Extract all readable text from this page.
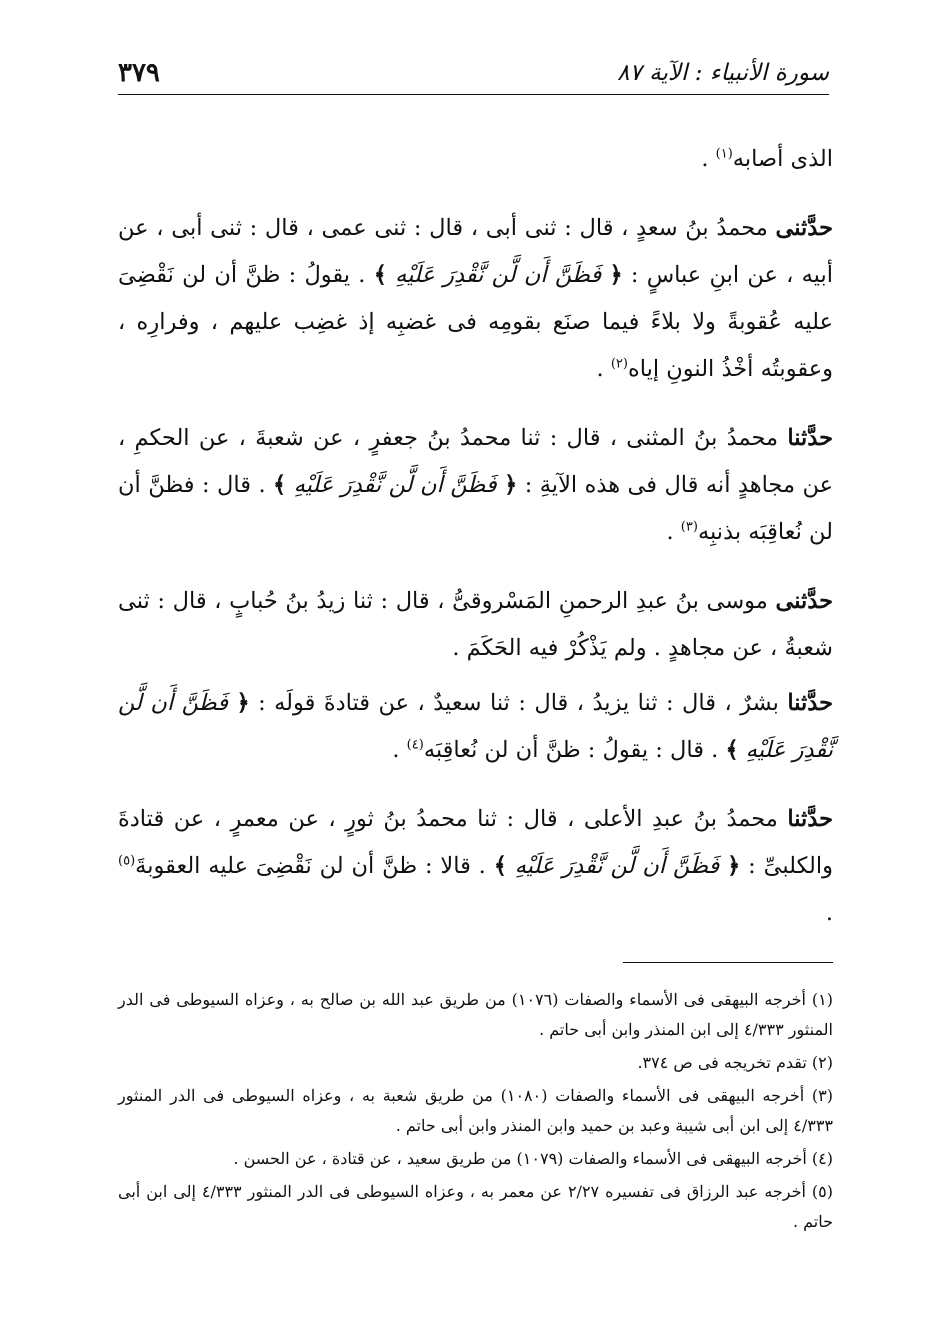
سورة الأنبياء : الآية ٨٧
٣٧٩

الذى أصابه$^{(١)}$ .

حدَّثنى محمدُ بنُ سعدٍ ، قال : ثنى أبى ، قال : ثنى عمى ، قال : ثنى أبى ، عن أبيه ، عن ابنِ عباسٍ : ﴿ فَظَنَّ أَن لَّن نَّقْدِرَ عَلَيْهِ ﴾ . يقولُ : ظنَّ أن لن نَقْضِىَ عليه عُقوبةً ولا بلاءً فيما صنَع بقومِه فى غضبِه إذ غضِب عليهم ، وفرارِه ، وعقوبتُه أخْذُ النونِ إياه$^{(٢)}$ .

حدَّثنا محمدُ بنُ المثنى ، قال : ثنا محمدُ بنُ جعفرٍ ، عن شعبةَ ، عن الحكمِ ، عن مجاهدٍ أنه قال فى هذه الآيةِ : ﴿ فَظَنَّ أَن لَّن نَّقْدِرَ عَلَيْهِ ﴾ . قال : فظنَّ أن لن نُعاقِبَه بذنبِه$^{(٣)}$ .

حدَّثنى موسى بنُ عبدِ الرحمنِ المَسْروقىُّ ، قال : ثنا زيدُ بنُ حُبابٍ ، قال : ثنى شعبةُ ، عن مجاهدٍ . ولم يَذْكُرْ فيه الحَكَمَ .

حدَّثنا بشرٌ ، قال : ثنا يزيدُ ، قال : ثنا سعيدٌ ، عن قتادةَ قولَه : ﴿ فَظَنَّ أَن لَّن نَّقْدِرَ عَلَيْهِ ﴾ . قال : يقولُ : ظنَّ أن لن نُعاقِبَه$^{(٤)}$ .

حدَّثنا محمدُ بنُ عبدِ الأعلى ، قال : ثنا محمدُ بنُ ثورٍ ، عن معمرٍ ، عن قتادةَ والكلبىِّ : ﴿ فَظَنَّ أَن لَّن نَّقْدِرَ عَلَيْهِ ﴾ . قالا : ظنَّ أن لن نَقْضِىَ عليه العقوبةَ$^{(٥)}$ .

(١) أخرجه البيهقى فى الأسماء والصفات (١٠٧٦) من طريق عبد الله بن صالح به ، وعزاه السيوطى فى الدر المنثور ٤/٣٣٣ إلى ابن المنذر وابن أبى حاتم .

(٢) تقدم تخريجه فى ص ٣٧٤.

(٣) أخرجه البيهقى فى الأسماء والصفات (١٠٨٠) من طريق شعبة به ، وعزاه السيوطى فى الدر المنثور ٤/٣٣٣ إلى ابن أبى شيبة وعبد بن حميد وابن المنذر وابن أبى حاتم .

(٤) أخرجه البيهقى فى الأسماء والصفات (١٠٧٩) من طريق سعيد ، عن قتادة ، عن الحسن .

(٥) أخرجه عبد الرزاق فى تفسيره ٢/٢٧ عن معمر به ، وعزاه السيوطى فى الدر المنثور ٤/٣٣٣ إلى ابن أبى حاتم .
